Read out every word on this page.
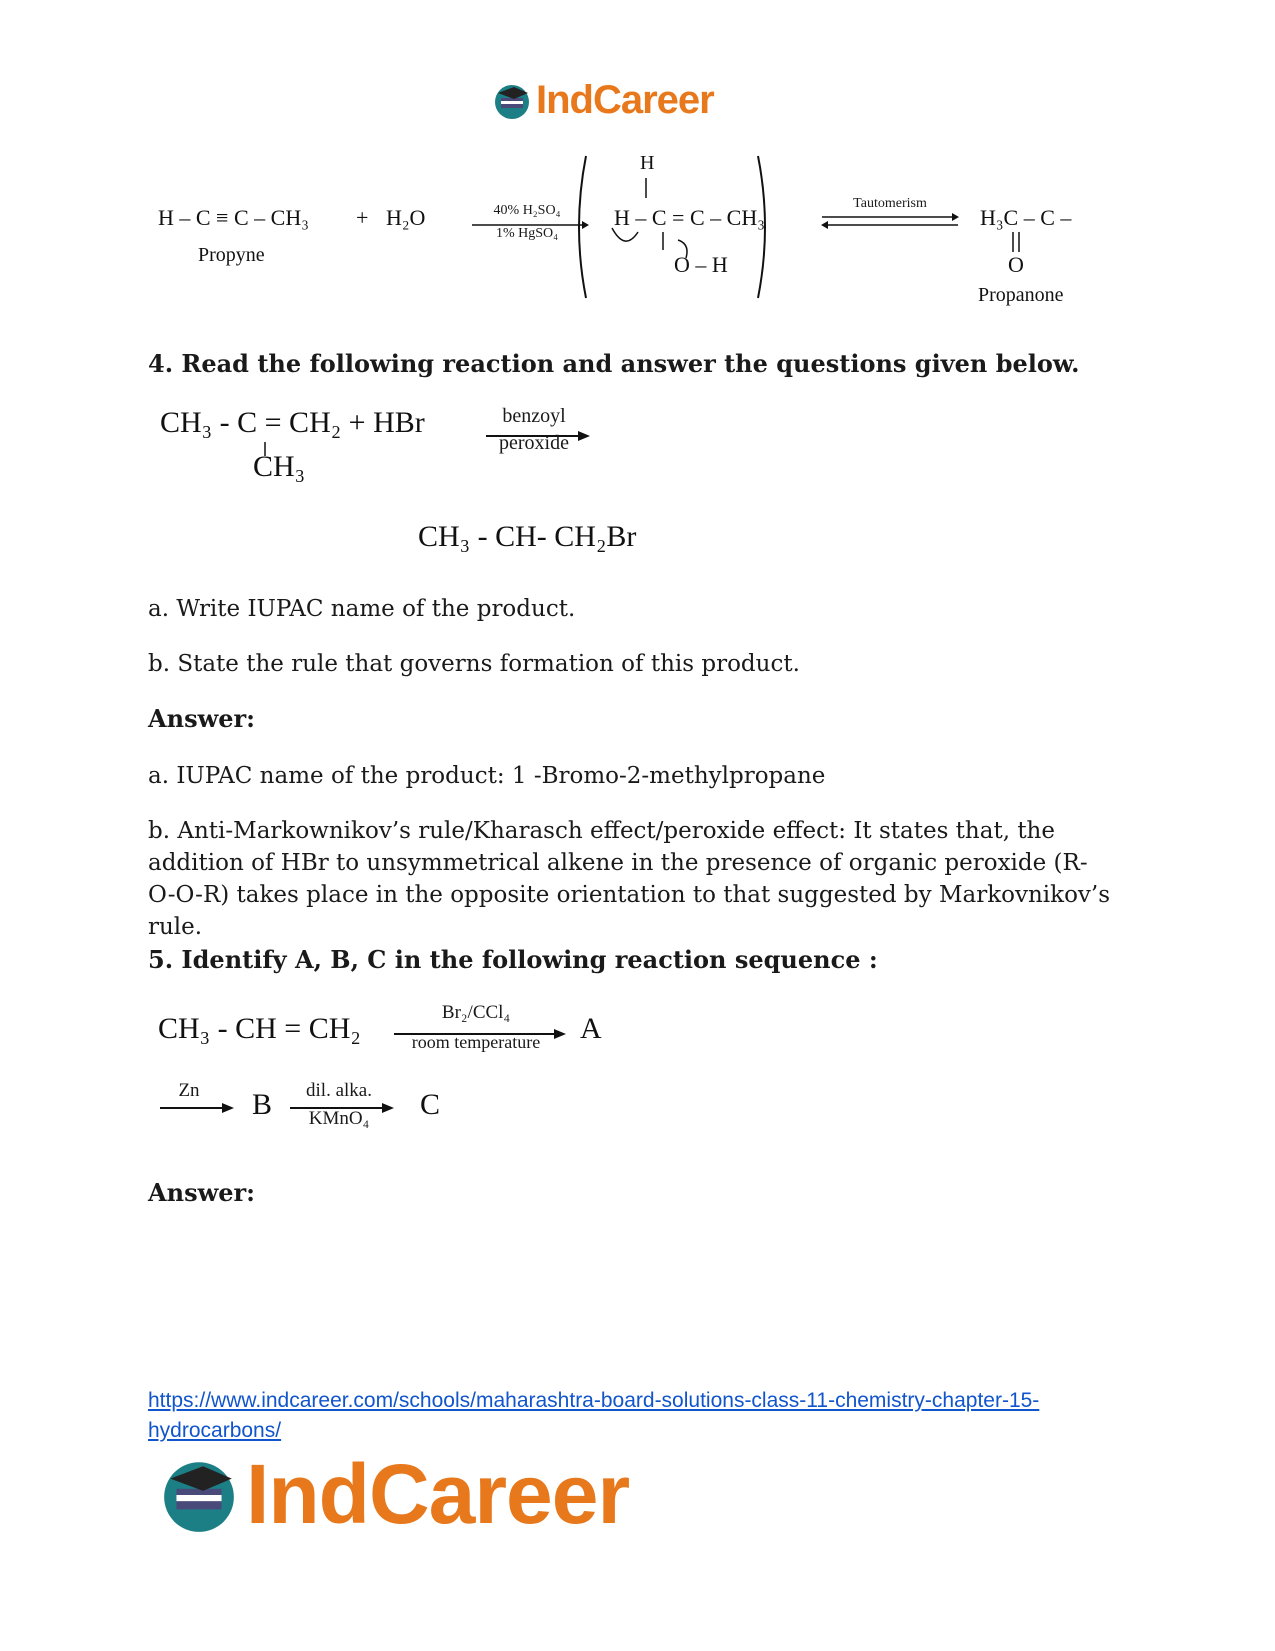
IndCareer
H – C ≡ C – CH₃ + H₂O
Propyne
40% H₂SO₄
1% HgSO₄
H
H – C = C – CH₃
O – H
Tautomerism
H₃C – C –
O
Propanone
4. Read the following reaction and answer the questions given below.
CH₃ - C = CH₂ + HBr
CH₃
benzoyl
peroxide
CH₃ - CH- CH₂Br
a. Write IUPAC name of the product.
b. State the rule that governs formation of this product.
Answer:
a. IUPAC name of the product: 1 -Bromo-2-methylpropane
b. Anti-Markownikov’s rule/Kharasch effect/peroxide effect: It states that, the addition of HBr to unsymmetrical alkene in the presence of organic peroxide (R-O-O-R) takes place in the opposite orientation to that suggested by Markovnikov’s rule.
5. Identify A, B, C in the following reaction sequence :
CH₃ - CH = CH₂	Br₂/CCl₄
room temperature	A
Zn	B	dil. alka.
KMnO₄	C
Answer:
https://www.indcareer.com/schools/maharashtra-board-solutions-class-11-chemistry-chapter-15-
hydrocarbons/
IndCareer
